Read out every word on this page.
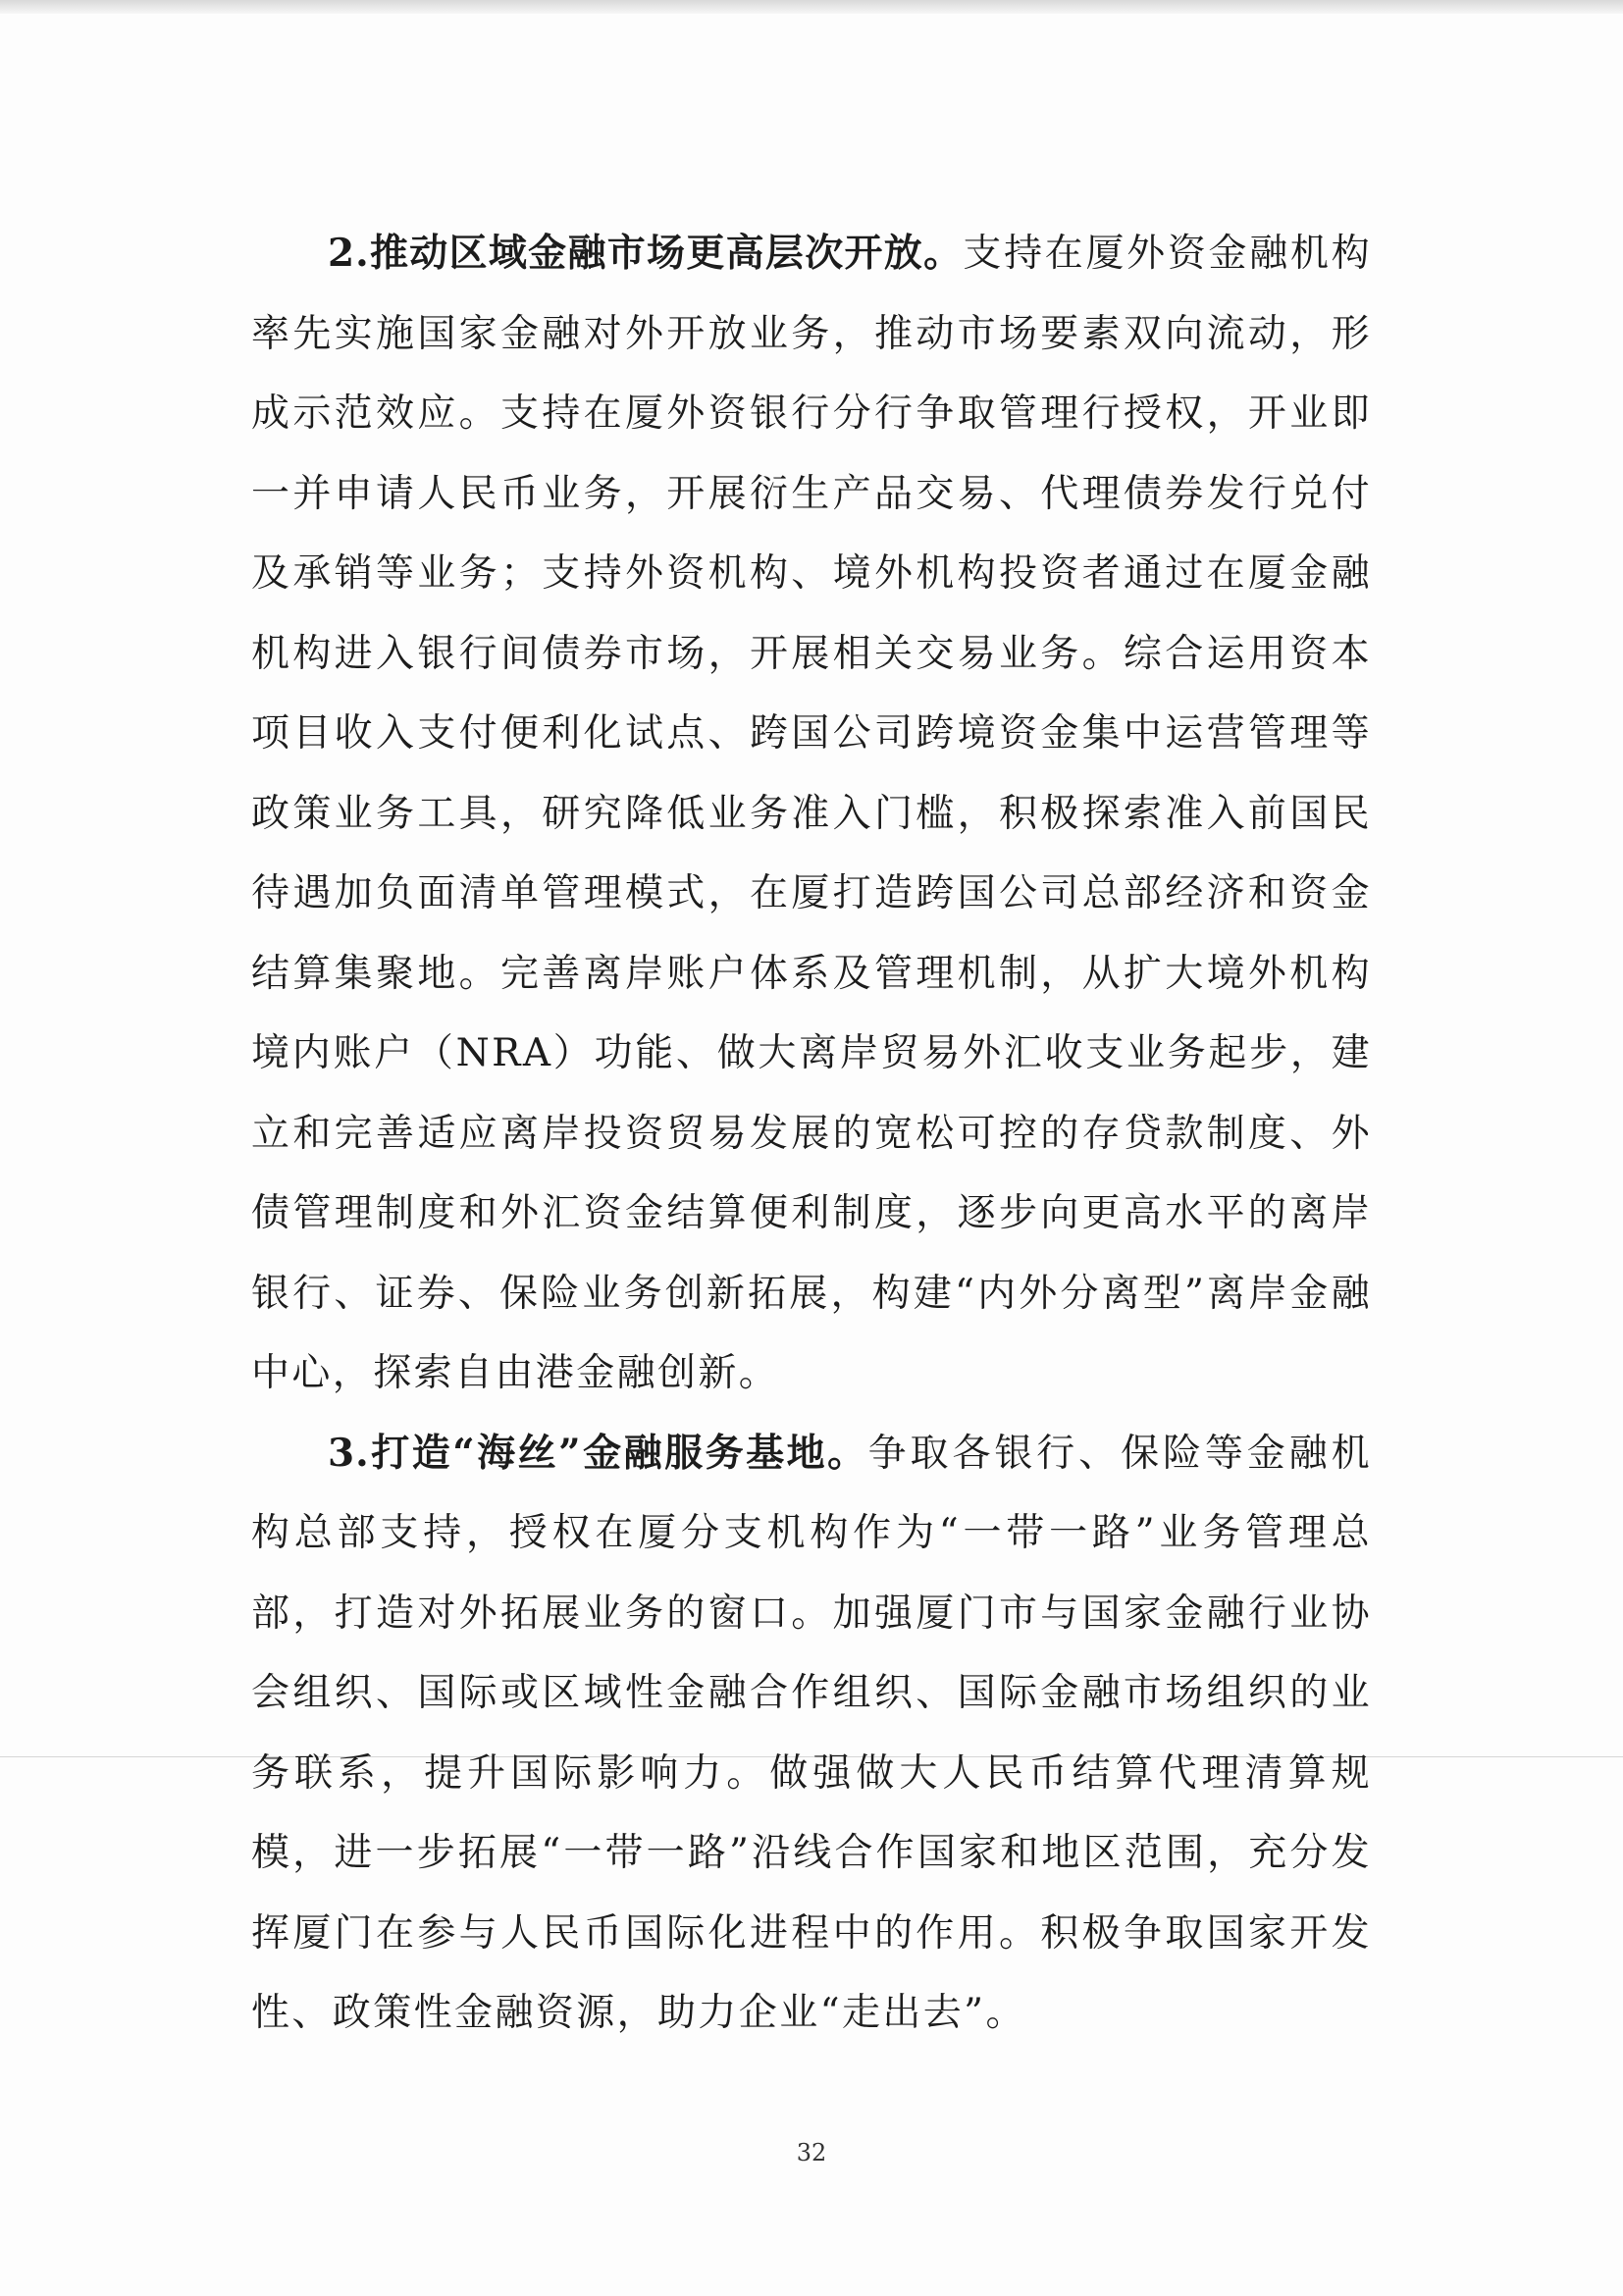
2.推动区域金融市场更高层次开放。支持在厦外资金融机构率先实施国家金融对外开放业务，推动市场要素双向流动，形成示范效应。支持在厦外资银行分行争取管理行授权，开业即一并申请人民币业务，开展衍生产品交易、代理债券发行兑付及承销等业务；支持外资机构、境外机构投资者通过在厦金融机构进入银行间债券市场，开展相关交易业务。综合运用资本项目收入支付便利化试点、跨国公司跨境资金集中运营管理等政策业务工具，研究降低业务准入门槛，积极探索准入前国民待遇加负面清单管理模式，在厦打造跨国公司总部经济和资金结算集聚地。完善离岸账户体系及管理机制，从扩大境外机构境内账户（NRA）功能、做大离岸贸易外汇收支业务起步，建立和完善适应离岸投资贸易发展的宽松可控的存贷款制度、外债管理制度和外汇资金结算便利制度，逐步向更高水平的离岸银行、证券、保险业务创新拓展，构建“内外分离型”离岸金融中心，探索自由港金融创新。

3.打造“海丝”金融服务基地。争取各银行、保险等金融机构总部支持，授权在厦分支机构作为“一带一路”业务管理总部，打造对外拓展业务的窗口。加强厦门市与国家金融行业协会组织、国际或区域性金融合作组织、国际金融市场组织的业务联系，提升国际影响力。做强做大人民币结算代理清算规模，进一步拓展“一带一路”沿线合作国家和地区范围，充分发挥厦门在参与人民币国际化进程中的作用。积极争取国家开发性、政策性金融资源，助力企业“走出去”。

32
